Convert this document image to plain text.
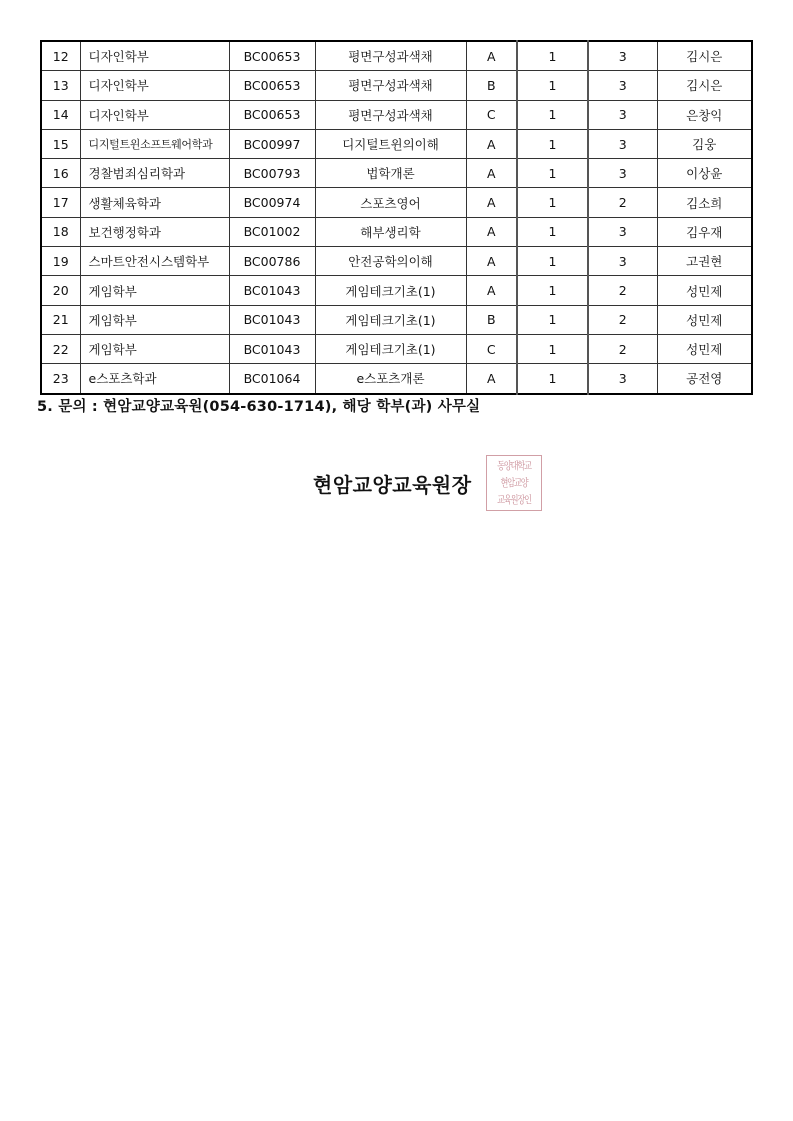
12	디자인학부	BC00653	평면구성과색채	A	1	3	김시은
13	디자인학부	BC00653	평면구성과색채	B	1	3	김시은
14	디자인학부	BC00653	평면구성과색채	C	1	3	은창익
15	디지털트윈소프트웨어학과	BC00997	디지털트윈의이해	A	1	3	김웅
16	경찰범죄심리학과	BC00793	법학개론	A	1	3	이상윤
17	생활체육학과	BC00974	스포츠영어	A	1	2	김소희
18	보건행정학과	BC01002	해부생리학	A	1	3	김우재
19	스마트안전시스템학부	BC00786	안전공학의이해	A	1	3	고권현
20	게임학부	BC01043	게임테크기초(1)	A	1	2	성민제
21	게임학부	BC01043	게임테크기초(1)	B	1	2	성민제
22	게임학부	BC01043	게임테크기초(1)	C	1	2	성민제
23	e스포츠학과	BC01064	e스포츠개론	A	1	3	공전영
5. 문의 : 현암교양교육원(054-630-1714), 해당 학부(과) 사무실
현암교양교육원장
동양대학교
현암교양
교육원장인
